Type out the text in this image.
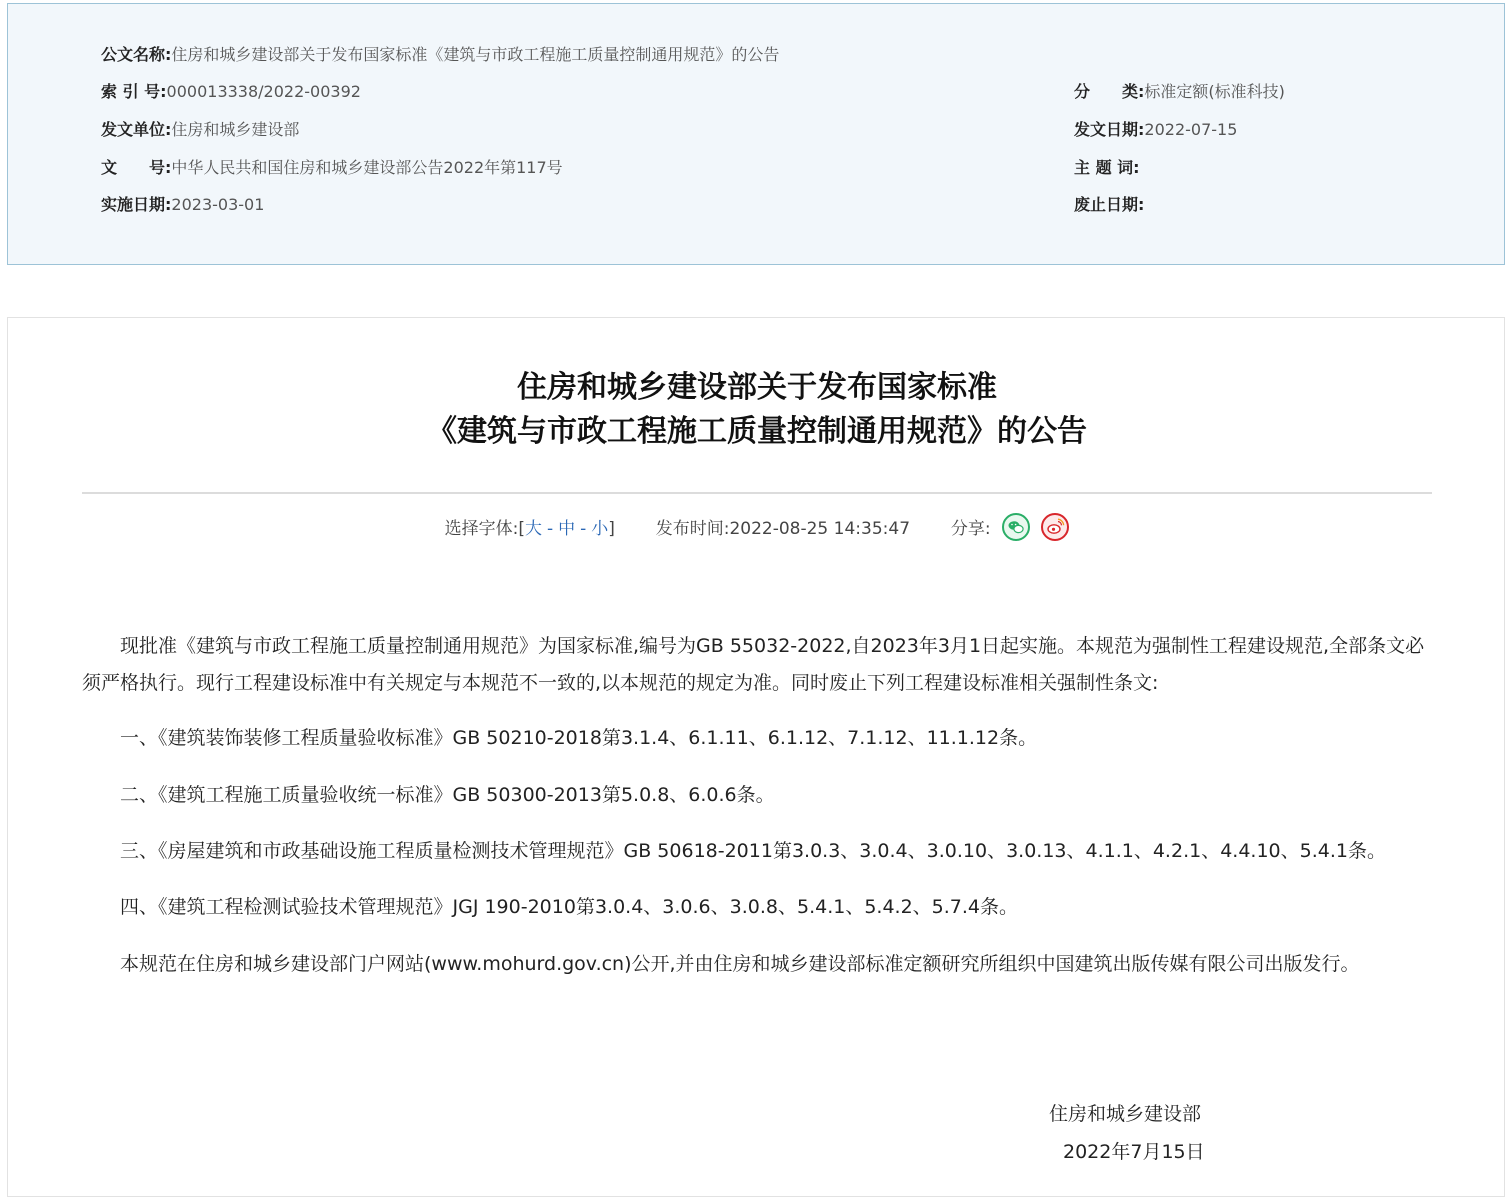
公文名称:住房和城乡建设部关于发布国家标准《建筑与市政工程施工质量控制通用规范》的公告
索 引 号:000013338/2022-00392	分　　类:标准定额(标准科技)
发文单位:住房和城乡建设部	发文日期:2022-07-15
文　　号:中华人民共和国住房和城乡建设部公告2022年第117号	主 题 词:
实施日期:2023-03-01	废止日期:
住房和城乡建设部关于发布国家标准
《建筑与市政工程施工质量控制通用规范》的公告
选择字体:[大 - 中 - 小] 发布时间:2022-08-25 14:35:47 分享:

现批准《建筑与市政工程施工质量控制通用规范》为国家标准,编号为GB 55032-2022,自2023年3月1日起实施。本规范为强制性工程建设规范,全部条文必须严格执行。现行工程建设标准中有关规定与本规范不一致的,以本规范的规定为准。同时废止下列工程建设标准相关强制性条文:
一、《建筑装饰装修工程质量验收标准》GB 50210-2018第3.1.4、6.1.11、6.1.12、7.1.12、11.1.12条。
二、《建筑工程施工质量验收统一标准》GB 50300-2013第5.0.8、6.0.6条。
三、《房屋建筑和市政基础设施工程质量检测技术管理规范》GB 50618-2011第3.0.3、3.0.4、3.0.10、3.0.13、4.1.1、4.2.1、4.4.10、5.4.1条。
四、《建筑工程检测试验技术管理规范》JGJ 190-2010第3.0.4、3.0.6、3.0.8、5.4.1、5.4.2、5.7.4条。
本规范在住房和城乡建设部门户网站(www.mohurd.gov.cn)公开,并由住房和城乡建设部标准定额研究所组织中国建筑出版传媒有限公司出版发行。
住房和城乡建设部
2022年7月15日
